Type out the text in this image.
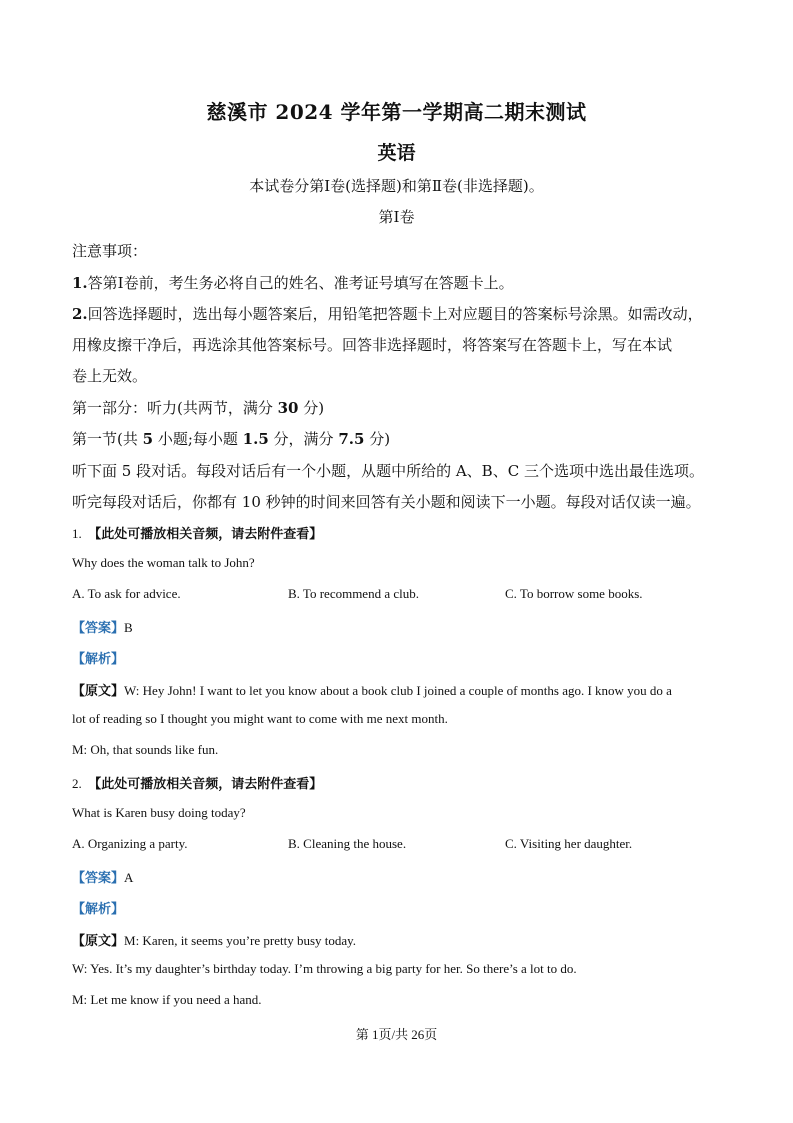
慈溪市 2024 学年第一学期高二期末测试
英语
本试卷分第Ⅰ卷(选择题)和第Ⅱ卷(非选择题)。
第Ⅰ卷
注意事项：
1.答第Ⅰ卷前，考生务必将自己的姓名、准考证号填写在答题卡上。
2.回答选择题时，选出每小题答案后，用铅笔把答题卡上对应题目的答案标号涂黑。如需改动，
用橡皮擦干净后，再选涂其他答案标号。回答非选择题时，将答案写在答题卡上，写在本试
卷上无效。
第一部分：听力(共两节，满分 30 分)
第一节(共 5 小题;每小题 1.5 分，满分 7.5 分)
听下面 5 段对话。每段对话后有一个小题，从题中所给的 A、B、C 三个选项中选出最佳选项。
听完每段对话后，你都有 10 秒钟的时间来回答有关小题和阅读下一小题。每段对话仅读一遍。
1. 【此处可播放相关音频，请去附件查看】
Why does the woman talk to John?
A. To ask for advice.	B. To recommend a club.	C. To borrow some books.
【答案】B
【解析】
【原文】W: Hey John! I want to let you know about a book club I joined a couple of months ago. I know you do a
lot of reading so I thought you might want to come with me next month.
M: Oh, that sounds like fun.
2. 【此处可播放相关音频，请去附件查看】
What is Karen busy doing today?
A. Organizing a party.	B. Cleaning the house.	C. Visiting her daughter.
【答案】A
【解析】
【原文】M: Karen, it seems you’re pretty busy today.
W: Yes. It’s my daughter’s birthday today. I’m throwing a big party for her. So there’s a lot to do.
M: Let me know if you need a hand.
第 1页/共 26页
